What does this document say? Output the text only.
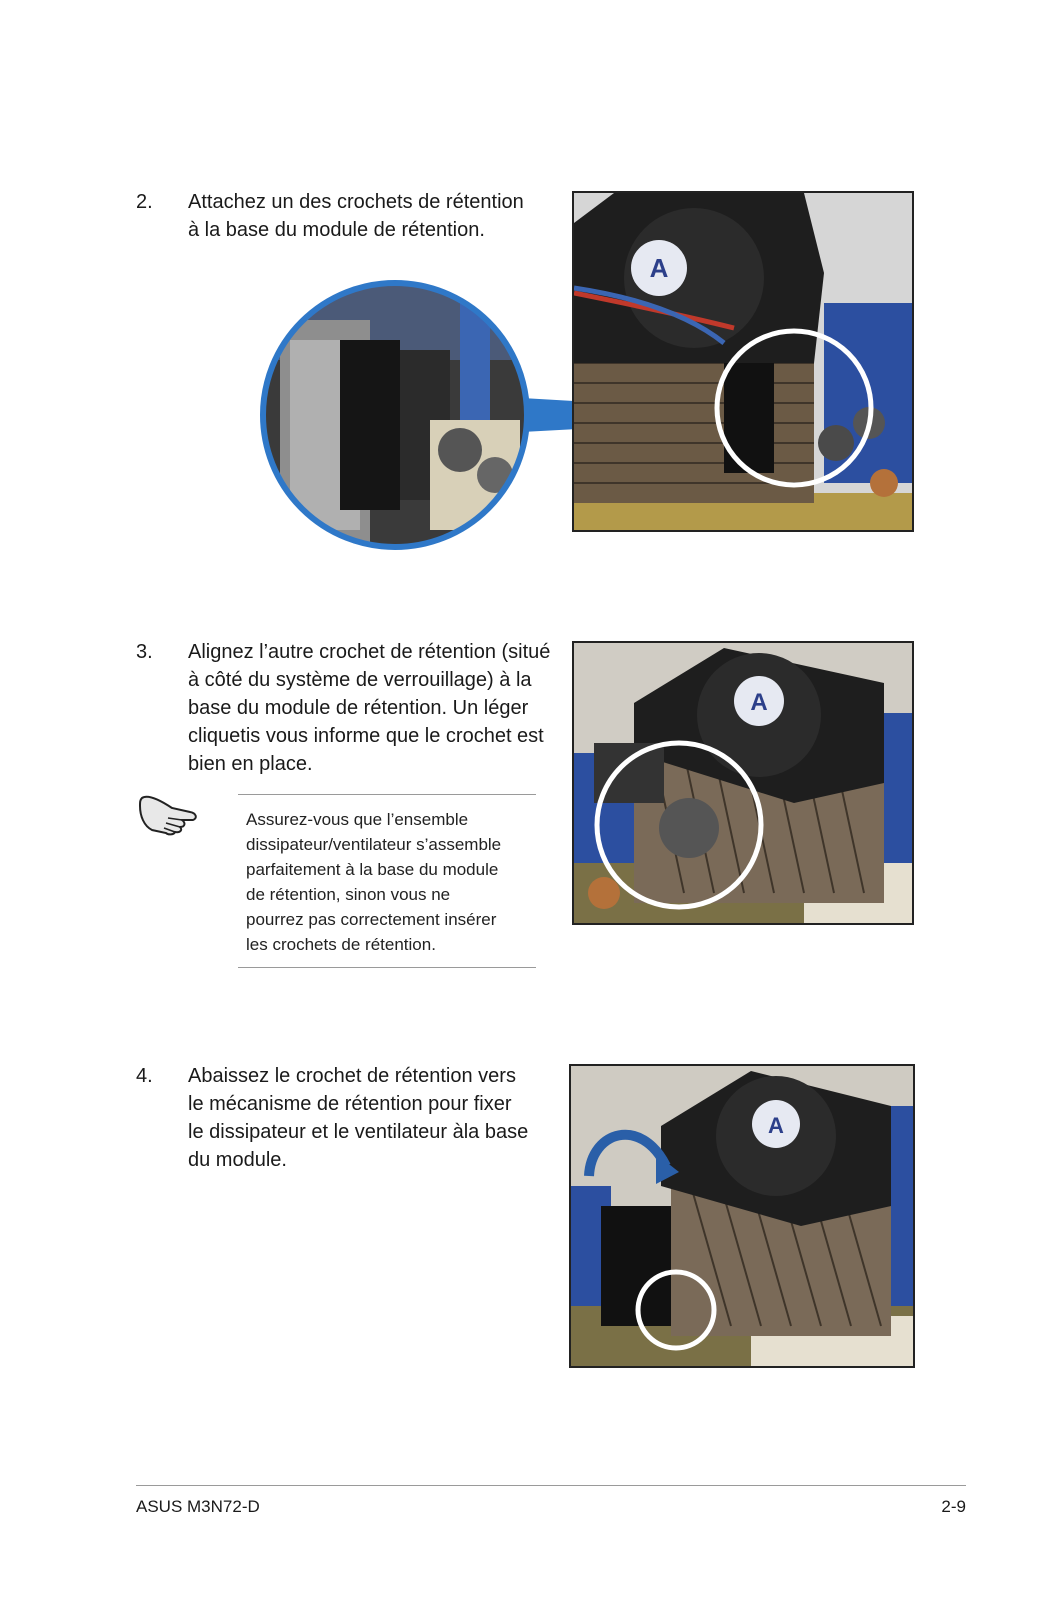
2. Attachez un des crochets de rétention
à la base du module de rétention.
A
3. Alignez l’autre crochet de rétention (situé
à côté du système de verrouillage) à la
base du module de rétention. Un léger
cliquetis vous informe que le crochet est
bien en place.
Assurez-vous que l’ensemble
dissipateur/ventilateur s’assemble
parfaitement à la base du module
de rétention, sinon vous ne
pourrez pas correctement insérer
les crochets de rétention.
A
4. Abaissez le crochet de rétention vers
le mécanisme de rétention pour fixer
le dissipateur et le ventilateur àla base
du module.
A
ASUS M3N72-D	2-9
